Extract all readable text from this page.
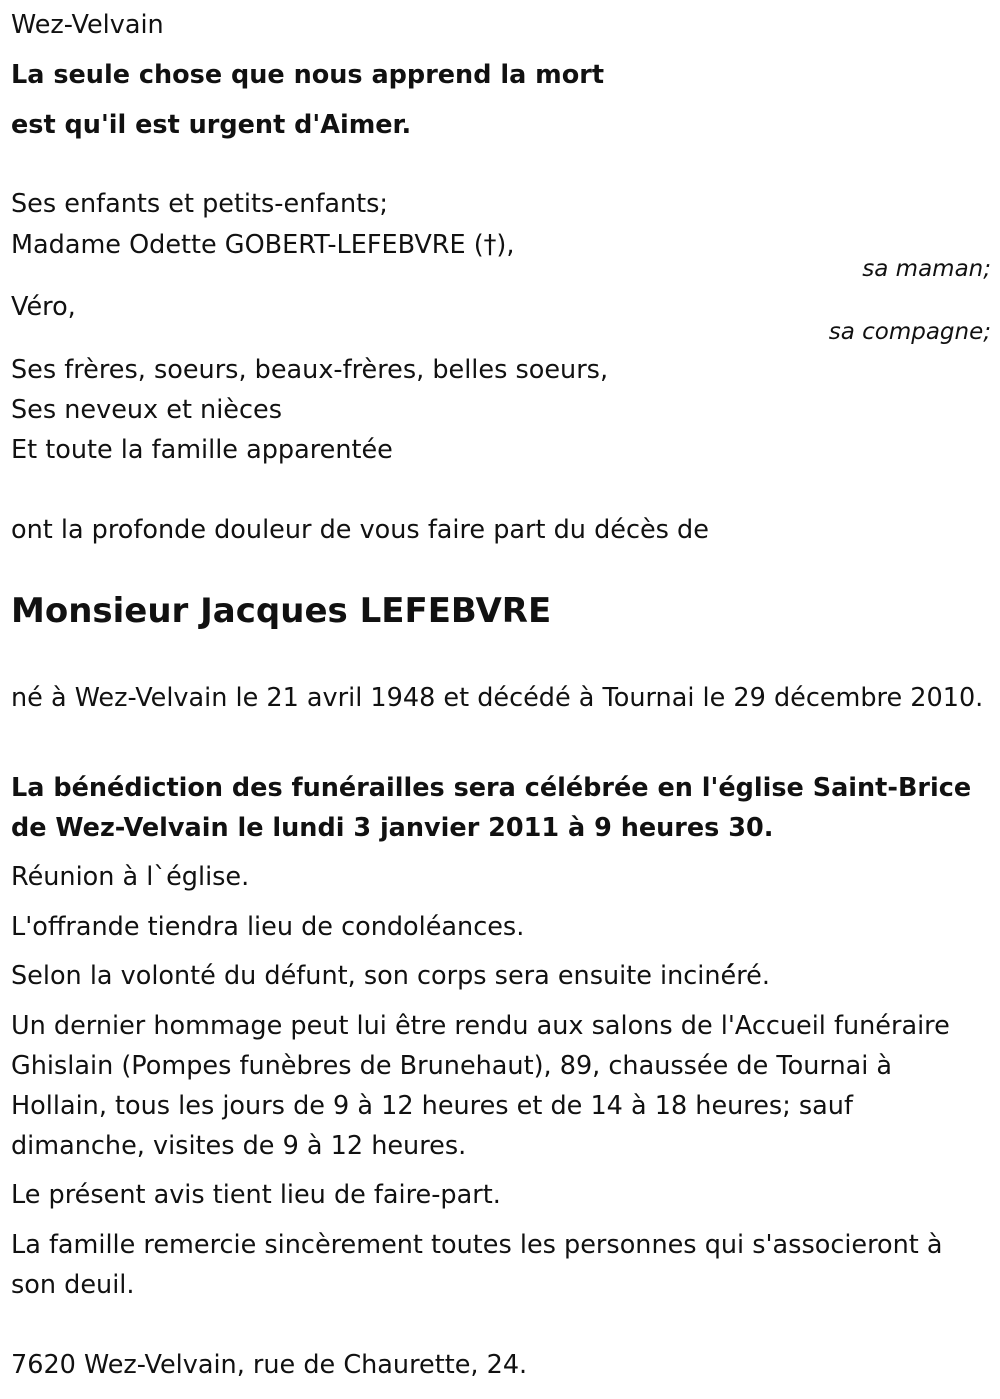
Wez-Velvain
La seule chose que nous apprend la mort
est qu'il est urgent d'Aimer.
Ses enfants et petits-enfants;
Madame Odette GOBERT-LEFEBVRE (†),
sa maman;
Véro,
sa compagne;
Ses frères, soeurs, beaux-frères, belles soeurs,
Ses neveux et nièces
Et toute la famille apparentée
ont la profonde douleur de vous faire part du décès de
Monsieur Jacques LEFEBVRE
né à Wez-Velvain le 21 avril 1948 et décédé à Tournai le 29 décembre 2010.
La bénédiction des funérailles sera célébrée en l'église Saint-Brice de Wez-Velvain le lundi 3 janvier 2011 à 9 heures 30.
Réunion à l`église.
L'offrande tiendra lieu de condoléances.
Selon la volonté du défunt, son corps sera ensuite inciné́ré.
Un dernier hommage peut lui être rendu aux salons de l'Accueil funéraire Ghislain (Pompes funèbres de Brunehaut), 89, chaussée de Tournai à Hollain, tous les jours de 9 à 12 heures et de 14 à 18 heures; sauf dimanche, visites de 9 à 12 heures.
Le présent avis tient lieu de faire-part.
La famille remercie sincèrement toutes les personnes qui s'associeront à son deuil.
7620 Wez-Velvain, rue de Chaurette, 24.
